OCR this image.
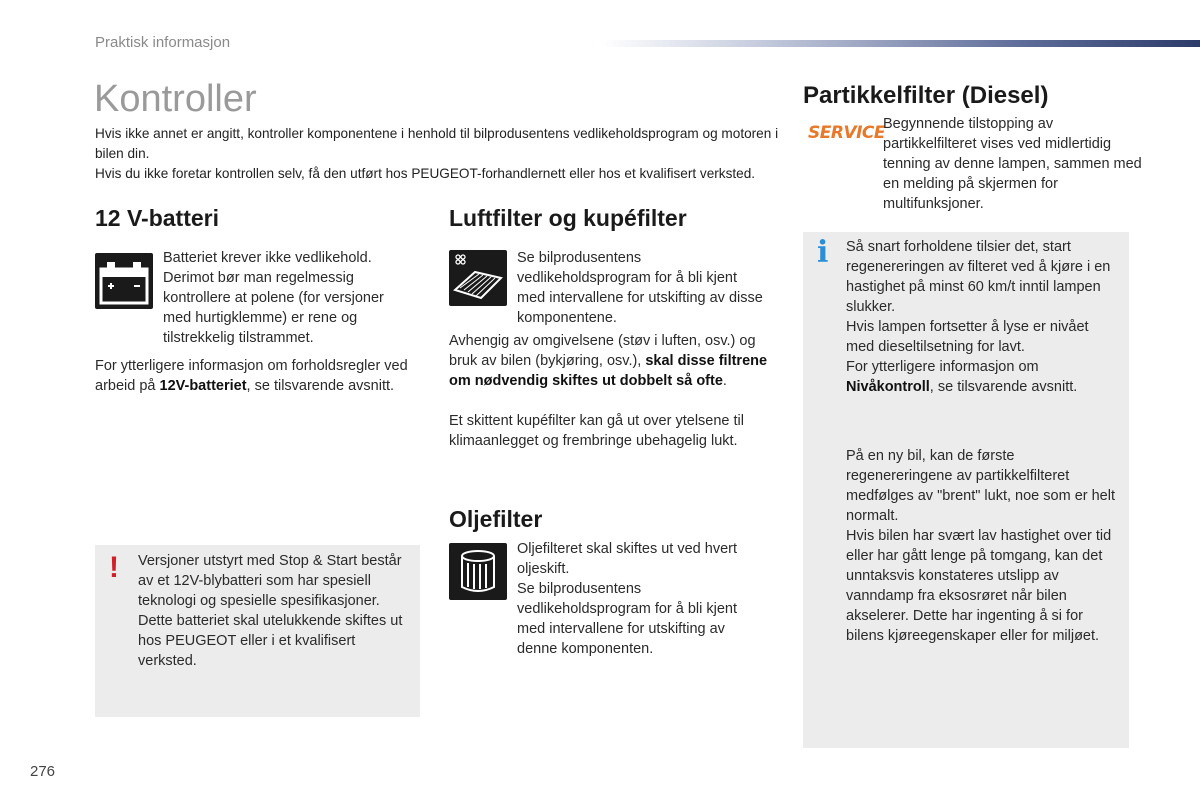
Praktisk informasjon
Kontroller

Hvis ikke annet er angitt, kontroller komponentene i henhold til bilprodusentens vedlikeholdsprogram og motoren i bilen din.

Hvis du ikke foretar kontrollen selv, få den utført hos PEUGEOT-forhandlernett eller hos et kvalifisert verksted.

12 V-batteri
Batteriet krever ikke vedlikehold. Derimot bør man regelmessig kontrollere at polene (for versjoner med hurtigklemme) er rene og tilstrekkelig tilstrammet.
For ytterligere informasjon om forholdsregler ved arbeid på 12V-batteriet, se tilsvarende avsnitt.
! Versjoner utstyrt med Stop & Start består av et 12V-blybatteri som har spesiell teknologi og spesielle spesifikasjoner.

Dette batteriet skal utelukkende skiftes ut hos PEUGEOT eller i et kvalifisert verksted.

Luftfilter og kupéfilter
Se bilprodusentens vedlikeholdsprogram for å bli kjent med intervallene for utskifting av disse komponentene.
Avhengig av omgivelsene (støv i luften, osv.) og bruk av bilen (bykjøring, osv.), skal disse filtrene om nødvendig skiftes ut dobbelt så ofte.
Et skittent kupéfilter kan gå ut over ytelsene til klimaanlegget og frembringe ubehagelig lukt.
Oljefilter

Oljefilteret skal skiftes ut ved hvert oljeskift.

Se bilprodusentens vedlikeholdsprogram for å bli kjent med intervallene for utskifting av denne komponenten.

Partikkelfilter (Diesel)
SERVICE
Begynnende tilstopping av partikkelfilteret vises ved midlertidig tenning av denne lampen, sammen med en melding på skjermen for multifunksjoner.
i Så snart forholdene tilsier det, start regenereringen av filteret ved å kjøre i en hastighet på minst 60 km/t inntil lampen slukker.

Hvis lampen fortsetter å lyse er nivået med dieseltilsetning for lavt.

For ytterligere informasjon om Nivåkontroll, se tilsvarende avsnitt.

På en ny bil, kan de første regenereringene av partikkelfilteret medfølges av "brent" lukt, noe som er helt normalt.

Hvis bilen har svært lav hastighet over tid eller har gått lenge på tomgang, kan det unntaksvis konstateres utslipp av vanndamp fra eksosrøret når bilen akselerer. Dette har ingenting å si for bilens kjøreegenskaper eller for miljøet.

276
